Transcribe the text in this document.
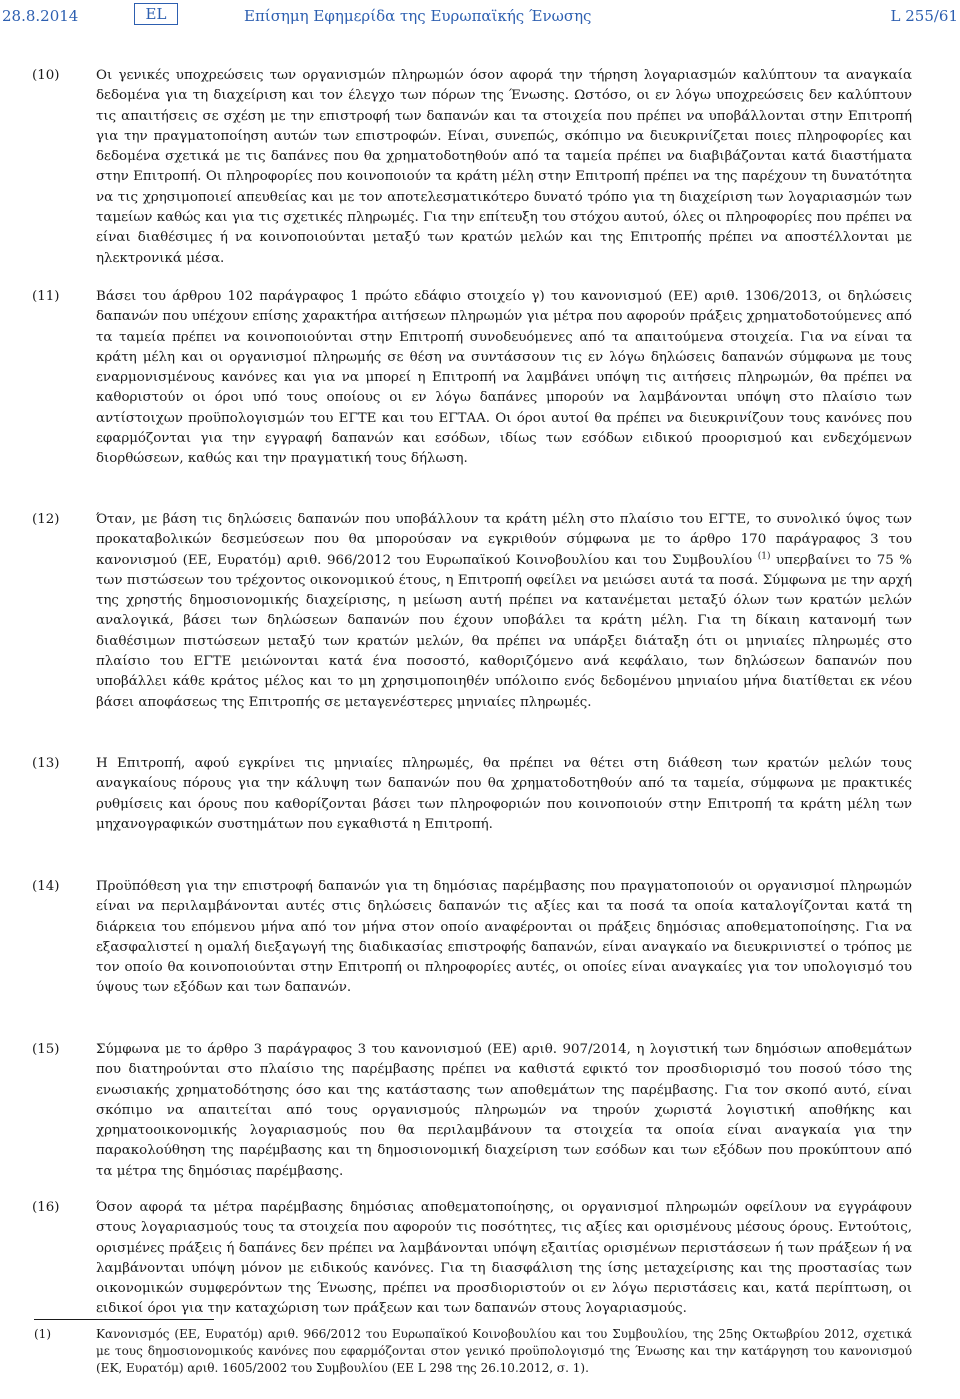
28.8.2014	EL	Επίσημη Εφημερίδα της Ευρωπαϊκής Ένωσης	L 255/61
(10)	Οι γενικές υποχρεώσεις των οργανισμών πληρωμών όσον αφορά την τήρηση λογαριασμών καλύπτουν τα αναγκαία δεδομένα για τη διαχείριση και τον έλεγχο των πόρων της Ένωσης. Ωστόσο, οι εν λόγω υποχρεώσεις δεν καλύπτουν τις απαιτήσεις σε σχέση με την επιστροφή των δαπανών και τα στοιχεία που πρέπει να υποβάλλονται στην Επιτροπή για την πραγματοποίηση αυτών των επιστροφών. Είναι, συνεπώς, σκόπιμο να διευκρινίζεται ποιες πληροφορίες και δεδομένα σχετικά με τις δαπάνες που θα χρηματοδοτηθούν από τα ταμεία πρέπει να διαβιβάζονται κατά διαστήματα στην Επιτροπή. Οι πληροφορίες που κοινοποιούν τα κράτη μέλη στην Επιτροπή πρέπει να της παρέχουν τη δυνατότητα να τις χρησιμοποιεί απευθείας και με τον αποτελεσματικότερο δυνατό τρόπο για τη διαχείριση των λογαριασμών των ταμείων καθώς και για τις σχετικές πληρωμές. Για την επίτευξη του στόχου αυτού, όλες οι πληροφορίες που πρέπει να είναι διαθέσιμες ή να κοινοποιούνται μεταξύ των κρατών μελών και της Επιτροπής πρέπει να αποστέλλονται με ηλεκτρονικά μέσα.
(11)	Βάσει του άρθρου 102 παράγραφος 1 πρώτο εδάφιο στοιχείο γ) του κανονισμού (ΕΕ) αριθ. 1306/2013, οι δηλώσεις δαπανών που υπέχουν επίσης χαρακτήρα αιτήσεων πληρωμών για μέτρα που αφορούν πράξεις χρηματοδοτούμενες από τα ταμεία πρέπει να κοινοποιούνται στην Επιτροπή συνοδευόμενες από τα απαιτούμενα στοιχεία. Για να είναι τα κράτη μέλη και οι οργανισμοί πληρωμής σε θέση να συντάσσουν τις εν λόγω δηλώσεις δαπανών σύμφωνα με τους εναρμονισμένους κανόνες και για να μπορεί η Επιτροπή να λαμβάνει υπόψη τις αιτήσεις πληρωμών, θα πρέπει να καθοριστούν οι όροι υπό τους οποίους οι εν λόγω δαπάνες μπορούν να λαμβάνονται υπόψη στο πλαίσιο των αντίστοιχων προϋπολογισμών του ΕΓΤΕ και του ΕΓΤΑΑ. Οι όροι αυτοί θα πρέπει να διευκρινίζουν τους κανόνες που εφαρμόζονται για την εγγραφή δαπανών και εσόδων, ιδίως των εσόδων ειδικού προορισμού και ενδεχόμενων διορθώσεων, καθώς και την πραγματική τους δήλωση.
(12)	Όταν, με βάση τις δηλώσεις δαπανών που υποβάλλουν τα κράτη μέλη στο πλαίσιο του ΕΓΤΕ, το συνολικό ύψος των προκαταβολικών δεσμεύσεων που θα μπορούσαν να εγκριθούν σύμφωνα με το άρθρο 170 παράγραφος 3 του κανονισμού (ΕΕ, Ευρατόμ) αριθ. 966/2012 του Ευρωπαϊκού Κοινοβουλίου και του Συμβουλίου $^{(1)}$ υπερβαίνει το 75 % των πιστώσεων του τρέχοντος οικονομικού έτους, η Επιτροπή οφείλει να μειώσει αυτά τα ποσά. Σύμφωνα με την αρχή της χρηστής δημοσιονομικής διαχείρισης, η μείωση αυτή πρέπει να κατανέμεται μεταξύ όλων των κρατών μελών αναλογικά, βάσει των δηλώσεων δαπανών που έχουν υποβάλει τα κράτη μέλη. Για τη δίκαιη κατανομή των διαθέσιμων πιστώσεων μεταξύ των κρατών μελών, θα πρέπει να υπάρξει διάταξη ότι οι μηνιαίες πληρωμές στο πλαίσιο του ΕΓΤΕ μειώνονται κατά ένα ποσοστό, καθοριζόμενο ανά κεφάλαιο, των δηλώσεων δαπανών που υποβάλλει κάθε κράτος μέλος και το μη χρησιμοποιηθέν υπόλοιπο ενός δεδομένου μηνιαίου μήνα διατίθεται εκ νέου βάσει αποφάσεως της Επιτροπής σε μεταγενέστερες μηνιαίες πληρωμές.
(13)	Η Επιτροπή, αφού εγκρίνει τις μηνιαίες πληρωμές, θα πρέπει να θέτει στη διάθεση των κρατών μελών τους αναγκαίους πόρους για την κάλυψη των δαπανών που θα χρηματοδοτηθούν από τα ταμεία, σύμφωνα με πρακτικές ρυθμίσεις και όρους που καθορίζονται βάσει των πληροφοριών που κοινοποιούν στην Επιτροπή τα κράτη μέλη των μηχανογραφικών συστημάτων που εγκαθιστά η Επιτροπή.
(14)	Προϋπόθεση για την επιστροφή δαπανών για τη δημόσιας παρέμβασης που πραγματοποιούν οι οργανισμοί πληρωμών είναι να περιλαμβάνονται αυτές στις δηλώσεις δαπανών τις αξίες και τα ποσά τα οποία καταλογίζονται κατά τη διάρκεια του επόμενου μήνα από τον μήνα στον οποίο αναφέρονται οι πράξεις δημόσιας αποθεματοποίησης. Για να εξασφαλιστεί η ομαλή διεξαγωγή της διαδικασίας επιστροφής δαπανών, είναι αναγκαίο να διευκρινιστεί ο τρόπος με τον οποίο θα κοινοποιούνται στην Επιτροπή οι πληροφορίες αυτές, οι οποίες είναι αναγκαίες για τον υπολογισμό του ύψους των εξόδων και των δαπανών.
(15)	Σύμφωνα με το άρθρο 3 παράγραφος 3 του κανονισμού (ΕΕ) αριθ. 907/2014, η λογιστική των δημόσιων αποθεμάτων που διατηρούνται στο πλαίσιο της παρέμβασης πρέπει να καθιστά εφικτό τον προσδιορισμό του ποσού τόσο της ενωσιακής χρηματοδότησης όσο και της κατάστασης των αποθεμάτων της παρέμβασης. Για τον σκοπό αυτό, είναι σκόπιμο να απαιτείται από τους οργανισμούς πληρωμών να τηρούν χωριστά λογιστική αποθήκης και χρηματοοικονομικής λογαριασμούς που θα περιλαμβάνουν τα στοιχεία τα οποία είναι αναγκαία για την παρακολούθηση της παρέμβασης και τη δημοσιονομική διαχείριση των εσόδων και των εξόδων που προκύπτουν από τα μέτρα της δημόσιας παρέμβασης.
(16)	Όσον αφορά τα μέτρα παρέμβασης δημόσιας αποθεματοποίησης, οι οργανισμοί πληρωμών οφείλουν να εγγράφουν στους λογαριασμούς τους τα στοιχεία που αφορούν τις ποσότητες, τις αξίες και ορισμένους μέσους όρους. Εντούτοις, ορισμένες πράξεις ή δαπάνες δεν πρέπει να λαμβάνονται υπόψη εξαιτίας ορισμένων περιστάσεων ή των πράξεων ή να λαμβάνονται υπόψη μόνον με ειδικούς κανόνες. Για τη διασφάλιση της ίσης μεταχείρισης και της προστασίας των οικονομικών συμφερόντων της Ένωσης, πρέπει να προσδιοριστούν οι εν λόγω περιστάσεις και, κατά περίπτωση, οι ειδικοί όροι για την καταχώριση των πράξεων και των δαπανών στους λογαριασμούς.
(1)	Κανονισμός (ΕΕ, Ευρατόμ) αριθ. 966/2012 του Ευρωπαϊκού Κοινοβουλίου και του Συμβουλίου, της 25ης Οκτωβρίου 2012, σχετικά με τους δημοσιονομικούς κανόνες που εφαρμόζονται στον γενικό προϋπολογισμό της Ένωσης και την κατάργηση του κανονισμού (ΕΚ, Ευρατόμ) αριθ. 1605/2002 του Συμβουλίου (ΕΕ L 298 της 26.10.2012, σ. 1).
